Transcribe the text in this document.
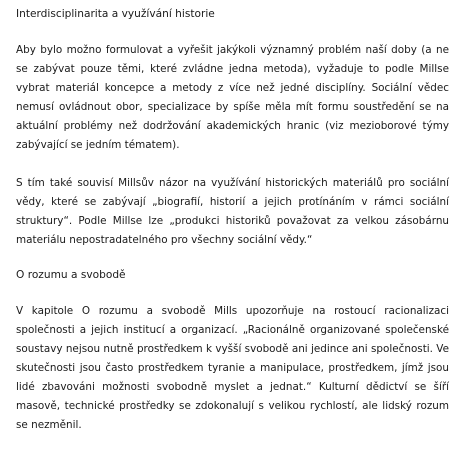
Interdisciplinarita a využívání historie

Aby bylo možno formulovat a vyřešit jakýkoli významný problém naší doby (a ne se zabývat pouze těmi, které zvládne jedna metoda), vyžaduje to podle Millse vybrat materiál koncepce a metody z více než jedné disciplíny. Sociální vědec nemusí ovládnout obor, specializace by spíše měla mít formu soustředění se na aktuální problémy než dodržování akademických hranic (viz mezioborové týmy zabývající se jedním tématem).

S tím také souvisí Millsův názor na využívání historických materiálů pro sociální vědy, které se zabývají „biografií, historií a jejich protínáním v rámci sociální struktury“. Podle Millse lze „produkci historiků považovat za velkou zásobárnu materiálu nepostradatelného pro všechny sociální vědy.“

O rozumu a svobodě

V kapitole O rozumu a svobodě Mills upozorňuje na rostoucí racionalizaci společnosti a jejich institucí a organizací. „Racionálně organizované společenské soustavy nejsou nutně prostředkem k vyšší svobodě ani jedince ani společnosti. Ve skutečnosti jsou často prostředkem tyranie a manipulace, prostředkem, jímž jsou lidé zbavováni možnosti svobodně myslet a jednat.“ Kulturní dědictví se šíří masově, technické prostředky se zdokonalují s velikou rychlostí, ale lidský rozum se nezměnil.
